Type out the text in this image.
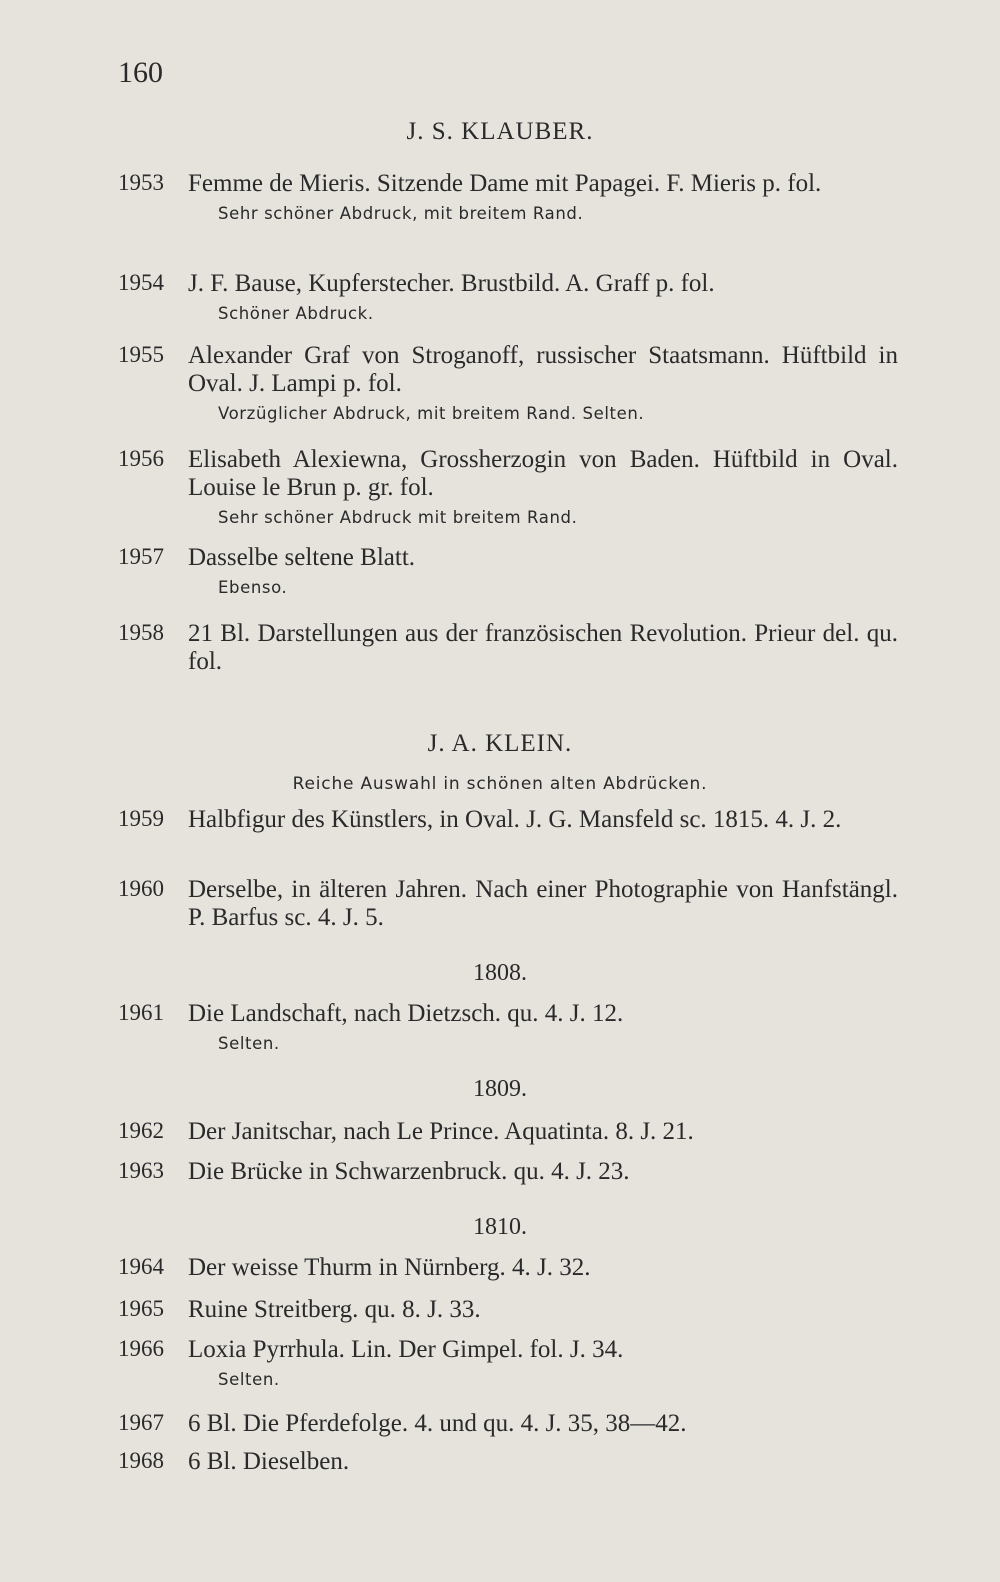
160
J. S. KLAUBER.
1953 Femme de Mieris. Sitzende Dame mit Papagei. F. Mieris p. fol.
Sehr schöner Abdruck, mit breitem Rand.
1954 J. F. Bause, Kupferstecher. Brustbild. A. Graff p. fol.
Schöner Abdruck.
1955 Alexander Graf von Stroganoff, russischer Staatsmann. Hüftbild in Oval. J. Lampi p. fol.
Vorzüglicher Abdruck, mit breitem Rand. Selten.
1956 Elisabeth Alexiewna, Grossherzogin von Baden. Hüftbild in Oval. Louise le Brun p. gr. fol.
Sehr schöner Abdruck mit breitem Rand.
1957 Dasselbe seltene Blatt.
Ebenso.
1958 21 Bl. Darstellungen aus der französischen Revolution. Prieur del. qu. fol.
J. A. KLEIN.
Reiche Auswahl in schönen alten Abdrücken.
1959 Halbfigur des Künstlers, in Oval. J. G. Mansfeld sc. 1815. 4. J. 2.
1960 Derselbe, in älteren Jahren. Nach einer Photographie von Hanfstängl. P. Barfus sc. 4. J. 5.
1808.
1961 Die Landschaft, nach Dietzsch. qu. 4. J. 12.
Selten.
1809.
1962 Der Janitschar, nach Le Prince. Aquatinta. 8. J. 21.
1963 Die Brücke in Schwarzenbruck. qu. 4. J. 23.
1810.
1964 Der weisse Thurm in Nürnberg. 4. J. 32.
1965 Ruine Streitberg. qu. 8. J. 33.
1966 Loxia Pyrrhula. Lin. Der Gimpel. fol. J. 34.
Selten.
1967 6 Bl. Die Pferdefolge. 4. und qu. 4. J. 35, 38—42.
1968 6 Bl. Dieselben.
